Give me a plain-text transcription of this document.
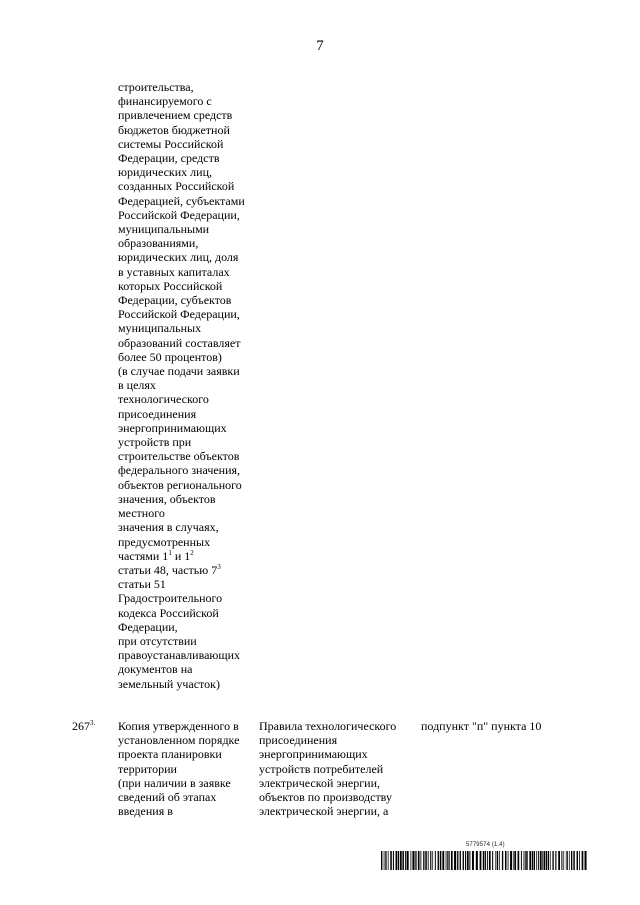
7
строительства,
финансируемого с
привлечением средств
бюджетов бюджетной
системы Российской
Федерации, средств
юридических лиц,
созданных Российской
Федерацией, субъектами
Российской Федерации,
муниципальными
образованиями,
юридических лиц, доля
в уставных капиталах
которых Российской
Федерации, субъектов
Российской Федерации,
муниципальных
образований составляет
более 50 процентов)
(в случае подачи заявки
в целях
технологического
присоединения
энергопринимающих
устройств при
строительстве объектов
федерального значения,
объектов регионального
значения, объектов
местного
значения в случаях,
предусмотренных
частями $1^1$ и $1^2$
статьи 48, частью $7^3$
статьи 51
Градостроительного
кодекса Российской
Федерации,
при отсутствии
правоустанавливающих
документов на
земельный участок)
$267^{3.}$ Копия утвержденного в
установленном порядке
проекта планировки
территории
(при наличии в заявке
сведений об этапах
введения в
Правила технологического
присоединения
энергопринимающих
устройств потребителей
электрической энергии,
объектов по производству
электрической энергии, а
подпункт "п" пункта 10
5779574 (1.4)
